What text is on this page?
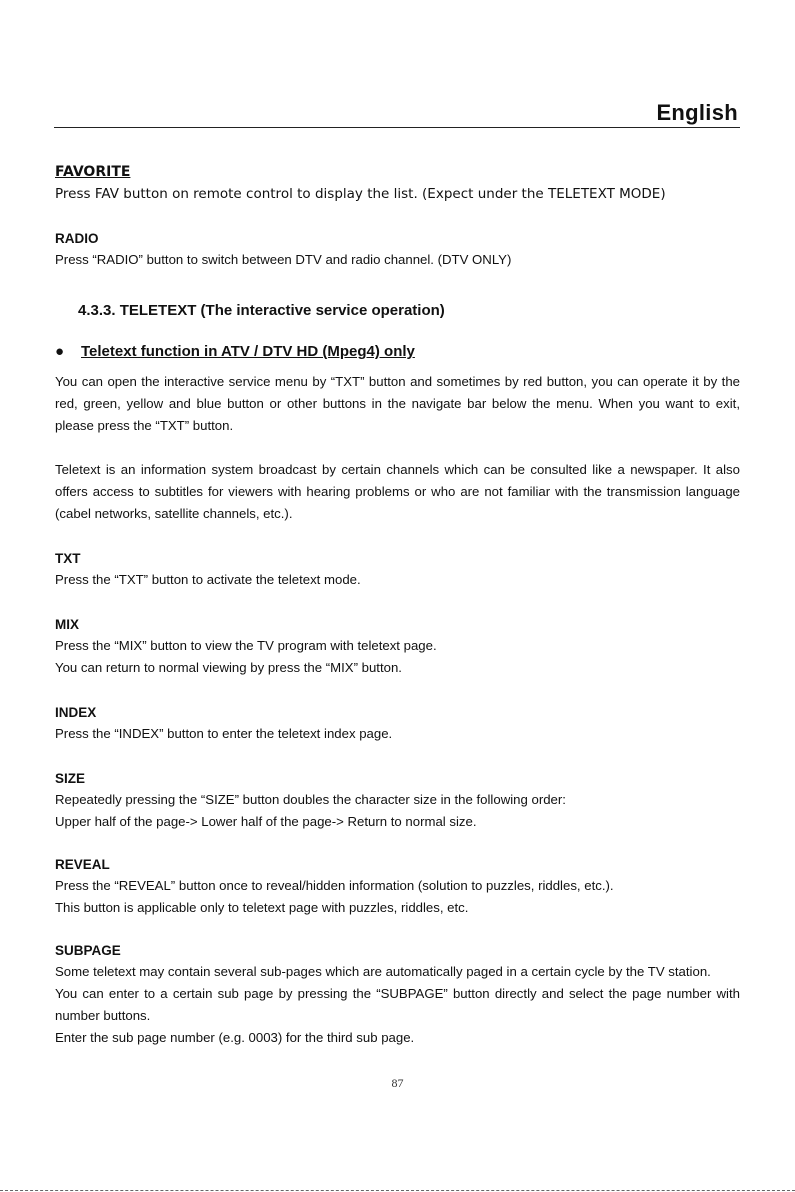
English

FAVORITE

Press FAV button on remote control to display the list. (Expect under the TELETEXT MODE)

RADIO

Press “RADIO” button to switch between DTV and radio channel. (DTV ONLY)

4.3.3. TELETEXT (The interactive service operation)

● Teletext function in ATV / DTV HD (Mpeg4) only

You can open the interactive service menu by “TXT” button and sometimes by red button, you can operate it by the red, green, yellow and blue button or other buttons in the navigate bar below the menu. When you want to exit, please press the “TXT” button.

Teletext is an information system broadcast by certain channels which can be consulted like a newspaper. It also offers access to subtitles for viewers with hearing problems or who are not familiar with the transmission language (cabel networks, satellite channels, etc.).

TXT

Press the “TXT” button to activate the teletext mode.

MIX

Press the “MIX” button to view the TV program with teletext page.

You can return to normal viewing by press the “MIX” button.

INDEX

Press the “INDEX” button to enter the teletext index page.

SIZE

Repeatedly pressing the “SIZE” button doubles the character size in the following order:

Upper half of the page-> Lower half of the page-> Return to normal size.

REVEAL

Press the “REVEAL” button once to reveal/hidden information (solution to puzzles, riddles, etc.).

This button is applicable only to teletext page with puzzles, riddles, etc.

SUBPAGE

Some teletext may contain several sub-pages which are automatically paged in a certain cycle by the TV station.

You can enter to a certain sub page by pressing the “SUBPAGE” button directly and select the page number with number buttons.

Enter the sub page number (e.g. 0003) for the third sub page.

87
